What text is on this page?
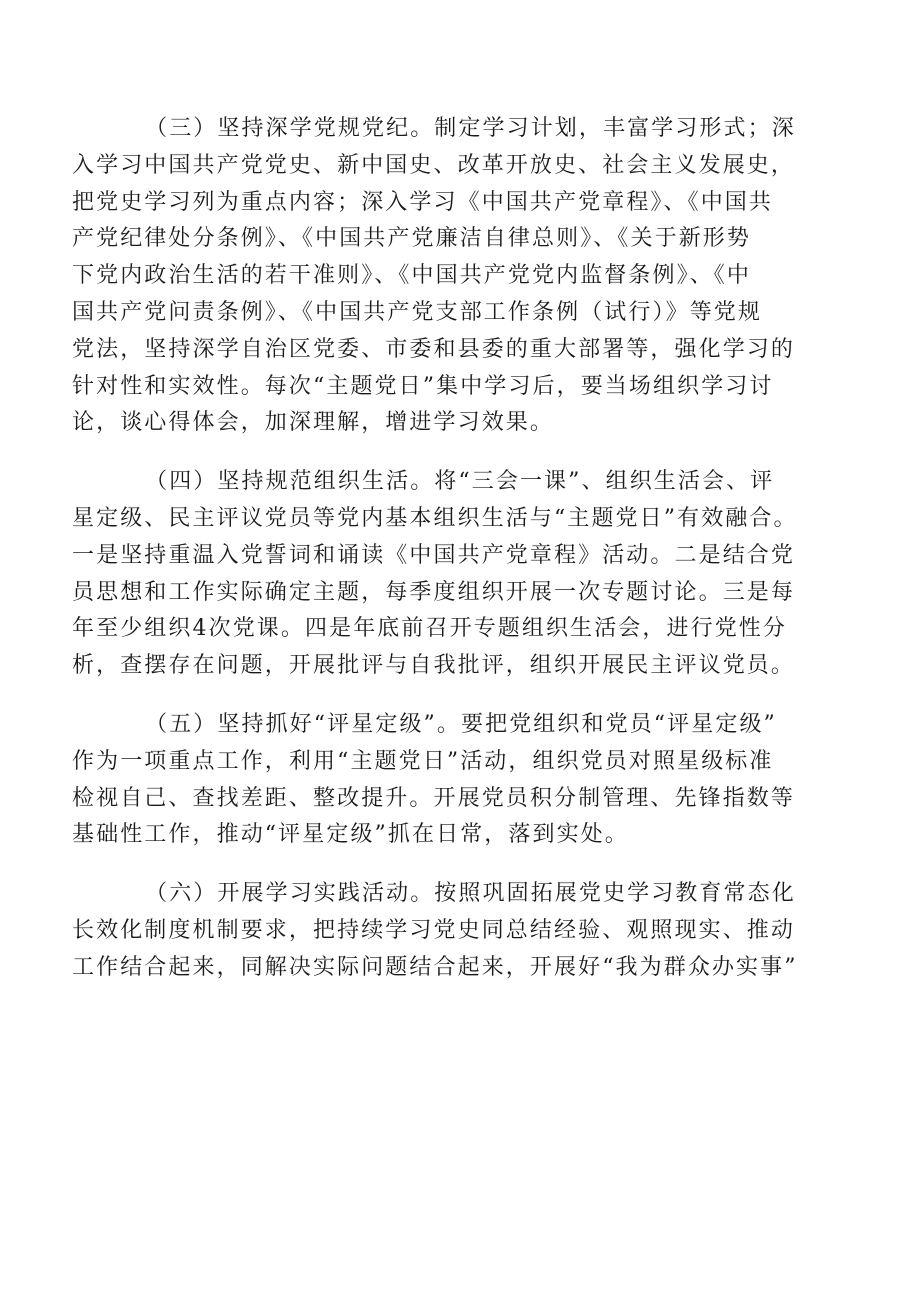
　（三）坚持深学党规党纪。制定学习计划，丰富学习形式；深
入学习中国共产党党史、新中国史、改革开放史、社会主义发展史，
把党史学习列为重点内容；深入学习《中国共产党章程》、《中国共
产党纪律处分条例》、《中国共产党廉洁自律总则》、《关于新形势
下党内政治生活的若干准则》、《中国共产党党内监督条例》、《中
国共产党问责条例》、《中国共产党支部工作条例（试行）》等党规
党法，坚持深学自治区党委、市委和县委的重大部署等，强化学习的
针对性和实效性。每次“主题党日”集中学习后，要当场组织学习讨
论，谈心得体会，加深理解，增进学习效果。

　（四）坚持规范组织生活。将“三会一课”、组织生活会、评
星定级、民主评议党员等党内基本组织生活与“主题党日”有效融合。
一是坚持重温入党誓词和诵读《中国共产党章程》活动。二是结合党
员思想和工作实际确定主题，每季度组织开展一次专题讨论。三是每
年至少组织4次党课。四是年底前召开专题组织生活会，进行党性分
析，查摆存在问题，开展批评与自我批评，组织开展民主评议党员。

　（五）坚持抓好“评星定级”。要把党组织和党员“评星定级”
作为一项重点工作，利用“主题党日”活动，组织党员对照星级标准
检视自己、查找差距、整改提升。开展党员积分制管理、先锋指数等
基础性工作，推动“评星定级”抓在日常，落到实处。

　（六）开展学习实践活动。按照巩固拓展党史学习教育常态化
长效化制度机制要求，把持续学习党史同总结经验、观照现实、推动
工作结合起来，同解决实际问题结合起来，开展好“我为群众办实事”
